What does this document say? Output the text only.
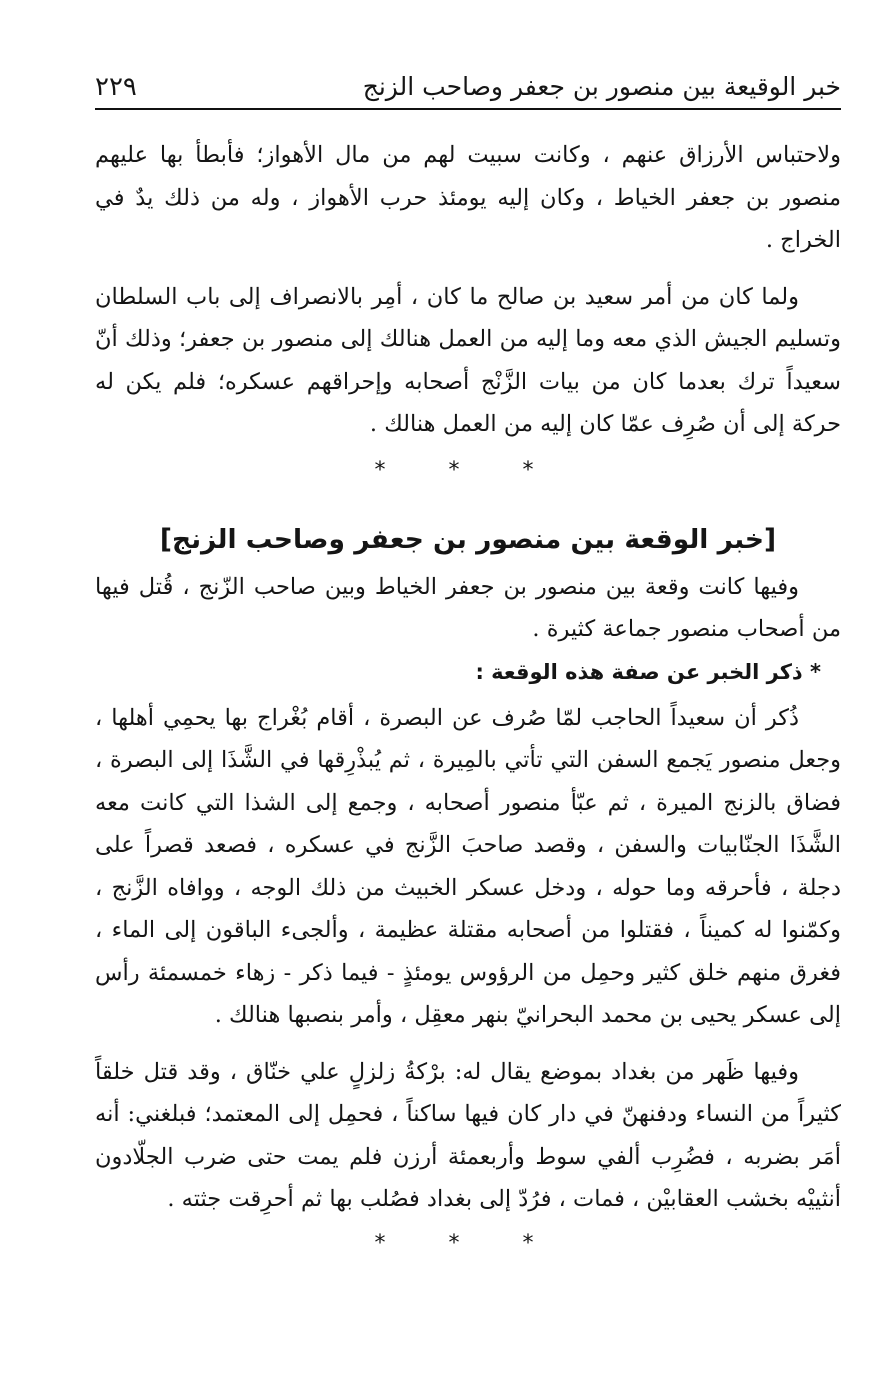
خبر الوقيعة بين منصور بن جعفر وصاحب الزنج
٢٢٩

ولاحتباس الأرزاق عنهم ، وكانت سبيت لهم من مال الأهواز؛ فأبطأ بها عليهم منصور بن جعفر الخياط ، وكان إليه يومئذ حرب الأهواز ، وله من ذلك يدٌ في الخراج .

ولما كان من أمر سعيد بن صالح ما كان ، أمِر بالانصراف إلى باب السلطان وتسليم الجيش الذي معه وما إليه من العمل هنالك إلى منصور بن جعفر؛ وذلك أنّ سعيداً ترك بعدما كان من بيات الزَّنْج أصحابه وإحراقهم عسكره؛ فلم يكن له حركة إلى أن صُرِف عمّا كان إليه من العمل هنالك .

* * *
[خبر الوقعة بين منصور بن جعفر وصاحب الزنج]

وفيها كانت وقعة بين منصور بن جعفر الخياط وبين صاحب الزّنج ، قُتل فيها من أصحاب منصور جماعة كثيرة .

* ذكر الخبر عن صفة هذه الوقعة :

ذُكر أن سعيداً الحاجب لمّا صُرف عن البصرة ، أقام بُغْراج بها يحمِي أهلها ، وجعل منصور يَجمع السفن التي تأتي بالمِيرة ، ثم يُبذْرِقها في الشَّذَا إلى البصرة ، فضاق بالزنج الميرة ، ثم عبّأ منصور أصحابه ، وجمع إلى الشذا التي كانت معه الشَّذَا الجنّابيات والسفن ، وقصد صاحبَ الزَّنج في عسكره ، فصعد قصراً على دجلة ، فأحرقه وما حوله ، ودخل عسكر الخبيث من ذلك الوجه ، ووافاه الزَّنج ، وكمّنوا له كميناً ، فقتلوا من أصحابه مقتلة عظيمة ، وألجىء الباقون إلى الماء ، فغرق منهم خلق كثير وحمِل من الرؤوس يومئذٍ - فيما ذكر - زهاء خمسمئة رأس إلى عسكر يحيى بن محمد البحرانيّ بنهر معقِل ، وأمر بنصبها هنالك .

وفيها ظَهر من بغداد بموضع يقال له: برْكةُ زلزلٍ علي خنّاق ، وقد قتل خلقاً كثيراً من النساء ودفنهنّ في دار كان فيها ساكناً ، فحمِل إلى المعتمد؛ فبلغني: أنه أمَر بضربه ، فضُرِب ألفي سوط وأربعمئة أرزن فلم يمت حتى ضرب الجلّادون أنثييْه بخشب العقابيْن ، فمات ، فرُدّ إلى بغداد فصُلب بها ثم أحرِقت جثته .

* * *
